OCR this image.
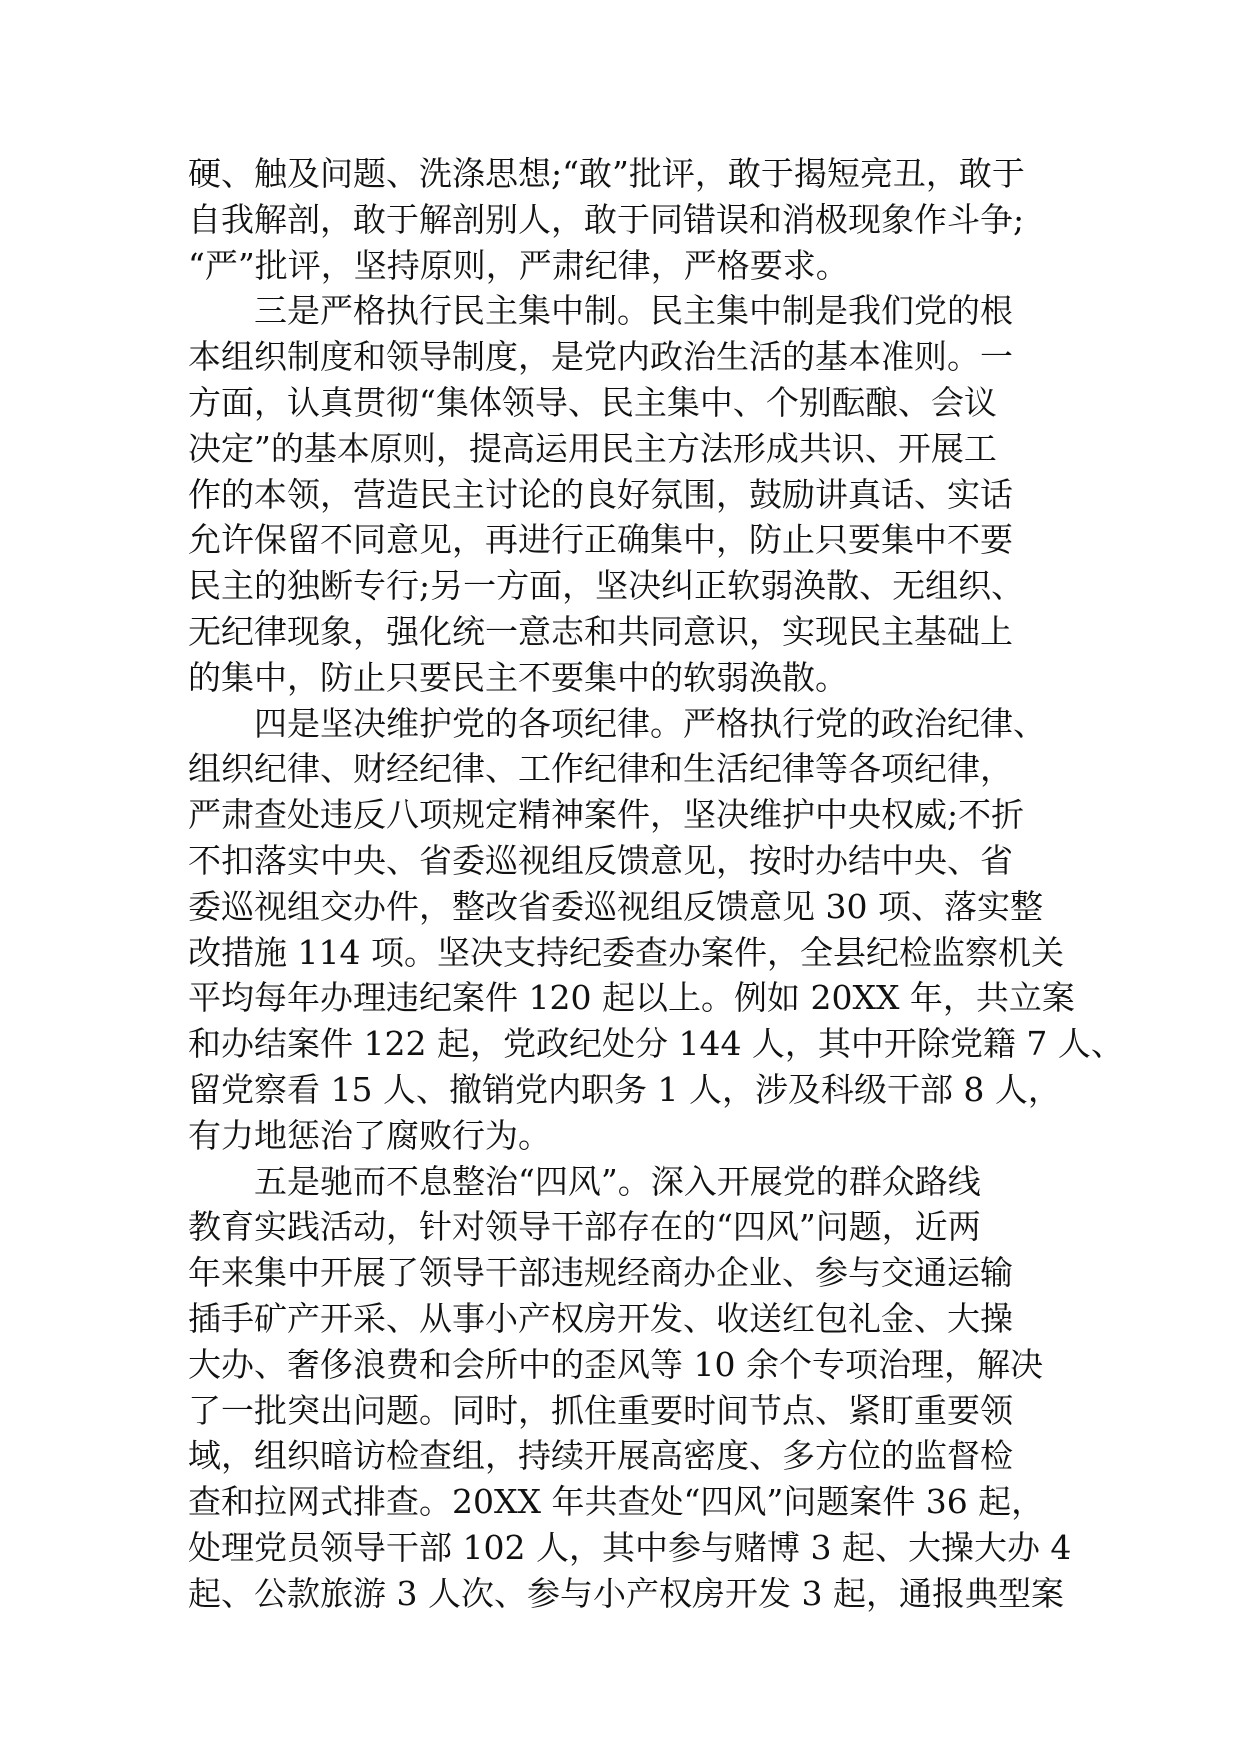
硬、触及问题、洗涤思想;“敢”批评，敢于揭短亮丑，敢于
自我解剖，敢于解剖别人，敢于同错误和消极现象作斗争;
“严”批评，坚持原则，严肃纪律，严格要求。
三是严格执行民主集中制。民主集中制是我们党的根
本组织制度和领导制度，是党内政治生活的基本准则。一
方面，认真贯彻“集体领导、民主集中、个别酝酿、会议
决定”的基本原则，提高运用民主方法形成共识、开展工
作的本领，营造民主讨论的良好氛围，鼓励讲真话、实话
允许保留不同意见，再进行正确集中，防止只要集中不要
民主的独断专行;另一方面，坚决纠正软弱涣散、无组织、
无纪律现象，强化统一意志和共同意识，实现民主基础上
的集中，防止只要民主不要集中的软弱涣散。
四是坚决维护党的各项纪律。严格执行党的政治纪律、
组织纪律、财经纪律、工作纪律和生活纪律等各项纪律，
严肃查处违反八项规定精神案件，坚决维护中央权威;不折
不扣落实中央、省委巡视组反馈意见，按时办结中央、省
委巡视组交办件，整改省委巡视组反馈意见 30 项、落实整
改措施 114 项。坚决支持纪委查办案件，全县纪检监察机关
平均每年办理违纪案件 120 起以上。例如 20XX 年，共立案
和办结案件 122 起，党政纪处分 144 人，其中开除党籍 7 人、
留党察看 15 人、撤销党内职务 1 人，涉及科级干部 8 人，
有力地惩治了腐败行为。
五是驰而不息整治“四风”。深入开展党的群众路线
教育实践活动，针对领导干部存在的“四风”问题，近两
年来集中开展了领导干部违规经商办企业、参与交通运输
插手矿产开采、从事小产权房开发、收送红包礼金、大操
大办、奢侈浪费和会所中的歪风等 10 余个专项治理，解决
了一批突出问题。同时，抓住重要时间节点、紧盯重要领
域，组织暗访检查组，持续开展高密度、多方位的监督检
查和拉网式排查。20XX 年共查处“四风”问题案件 36 起，
处理党员领导干部 102 人，其中参与赌博 3 起、大操大办 4
起、公款旅游 3 人次、参与小产权房开发 3 起，通报典型案
